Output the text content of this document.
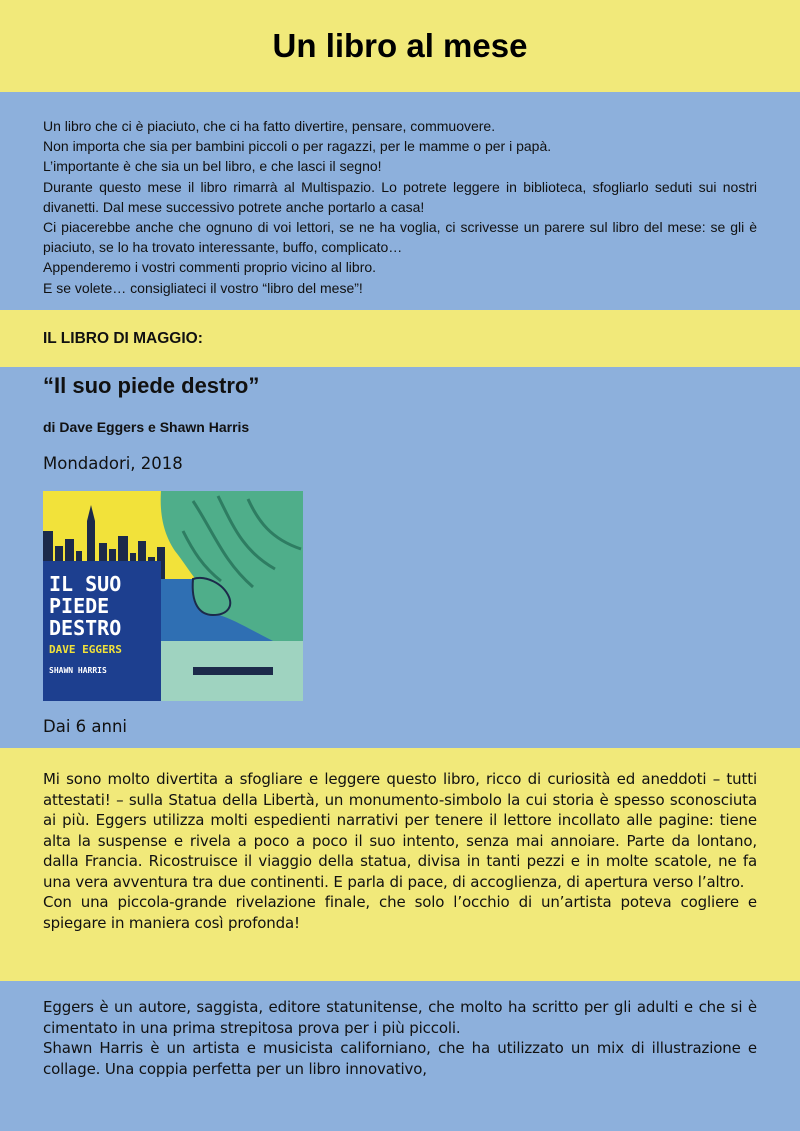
Un libro al mese

Un libro che ci è piaciuto, che ci ha fatto divertire, pensare, commuovere.

Non importa che sia per bambini piccoli o per ragazzi, per le mamme o per i papà.

L’importante è che sia un bel libro, e che lasci il segno!

Durante questo mese il libro rimarrà al Multispazio. Lo potrete leggere in biblioteca, sfogliarlo seduti sui nostri divanetti. Dal mese successivo potrete anche portarlo a casa!

Ci piacerebbe anche che ognuno di voi lettori, se ne ha voglia, ci scrivesse un parere sul libro del mese: se gli è piaciuto, se lo ha trovato interessante, buffo, complicato…

Appenderemo i vostri commenti proprio vicino al libro.

E se volete… consigliateci il vostro “libro del mese”!

IL LIBRO DI MAGGIO:
“Il suo piede destro”
di Dave Eggers e Shawn Harris
Mondadori, 2018
IL SUO
PIEDE
DESTRO
DAVE EGGERS
SHAWN HARRIS
Dai 6 anni

Mi sono molto divertita a sfogliare e leggere questo libro, ricco di curiosità ed aneddoti – tutti attestati! – sulla Statua della Libertà, un monumento-simbolo la cui storia è spesso sconosciuta ai più. Eggers utilizza molti espedienti narrativi per tenere il lettore incollato alle pagine: tiene alta la suspense e rivela a poco a poco il suo intento, senza mai annoiare. Parte da lontano, dalla Francia. Ricostruisce il viaggio della statua, divisa in tanti pezzi e in molte scatole, ne fa una vera avventura tra due continenti. E parla di pace, di accoglienza, di apertura verso l’altro.

Con una piccola-grande rivelazione finale, che solo l’occhio di un’artista poteva cogliere e spiegare in maniera così profonda!

Eggers è un autore, saggista, editore statunitense, che molto ha scritto per gli adulti e che si è cimentato in una prima strepitosa prova per i più piccoli.

Shawn Harris è un artista e musicista californiano, che ha utilizzato un mix di illustrazione e collage. Una coppia perfetta per un libro innovativo,
